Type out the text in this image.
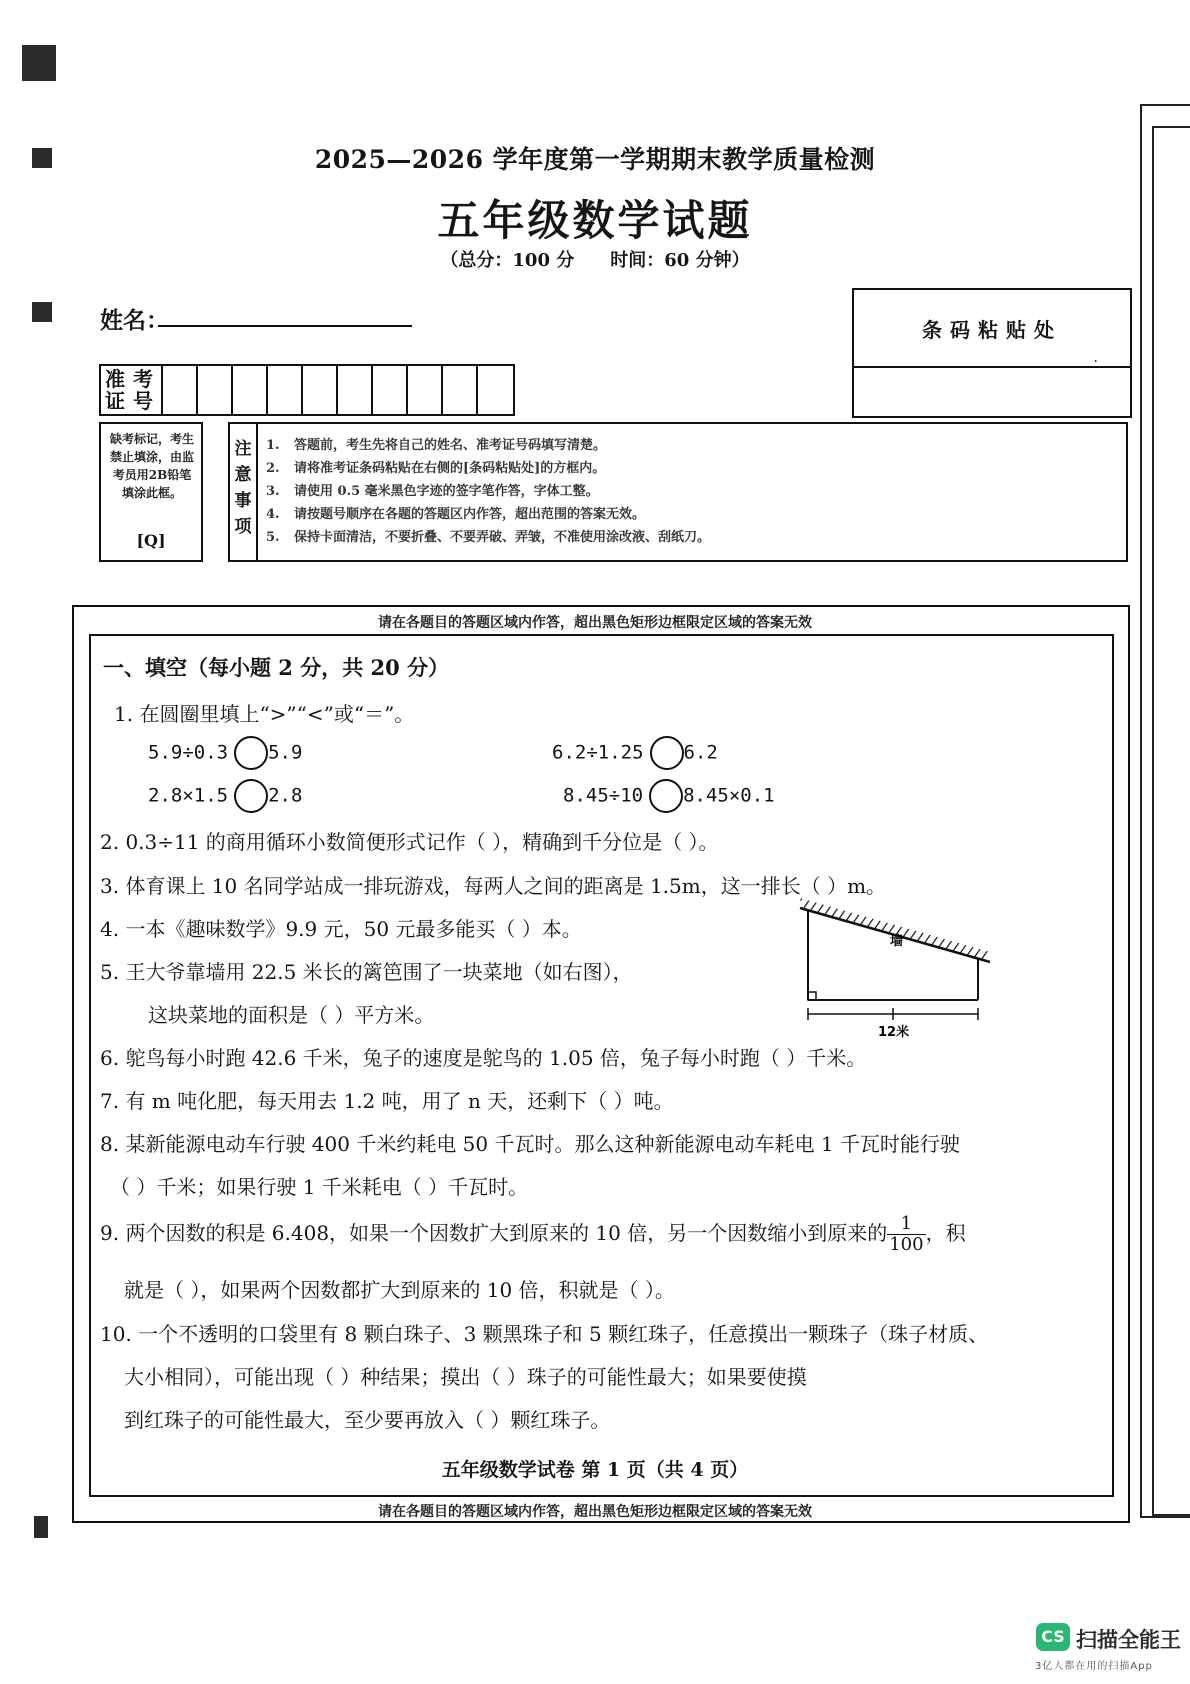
2025—2026 学年度第一学期期末教学质量检测
五年级数学试题
（总分：100 分 时间：60 分钟）
姓名：	条码粘贴处
.
准考证号
缺考标记，考生禁止填涂，由监考员用2B铅笔填涂此框。
[Q]
注意事项
1. 答题前，考生先将自己的姓名、准考证号码填写清楚。
2. 请将准考证条码粘贴在右侧的[条码粘贴处]的方框内。
3. 请使用 0.5 毫米黑色字迹的签字笔作答，字体工整。
4. 请按题号顺序在各题的答题区内作答，超出范围的答案无效。
5. 保持卡面清洁，不要折叠、不要弄破、弄皱，不准使用涂改液、刮纸刀。
请在各题目的答题区域内作答，超出黑色矩形边框限定区域的答案无效
请在各题目的答题区域内作答，超出黑色矩形边框限定区域的答案无效
一、填空（每小题 2 分，共 20 分）
1. 在圆圈里填上“>”“<”或“＝”。
5.9÷0.3 5.9	6.2÷1.25 6.2
2.8×1.5 2.8	8.45÷10 8.45×0.1
2. 0.3÷11 的商用循环小数简便形式记作（ ），精确到千分位是（ ）。
3. 体育课上 10 名同学站成一排玩游戏，每两人之间的距离是 1.5m，这一排长（ ）m。
4. 一本《趣味数学》9.9 元，50 元最多能买（ ）本。
5. 王大爷靠墙用 22.5 米长的篱笆围了一块菜地（如右图），
这块菜地的面积是（ ）平方米。
墙
12米
6. 鸵鸟每小时跑 42.6 千米，兔子的速度是鸵鸟的 1.05 倍，兔子每小时跑（ ）千米。
7. 有 m 吨化肥，每天用去 1.2 吨，用了 n 天，还剩下（ ）吨。
8. 某新能源电动车行驶 400 千米约耗电 50 千瓦时。那么这种新能源电动车耗电 1 千瓦时能行驶
（ ）千米；如果行驶 1 千米耗电（ ）千瓦时。
9. 两个因数的积是 6.408，如果一个因数扩大到原来的 10 倍，另一个因数缩小到原来的 $\frac{1}{100}$ ，积
就是（ ），如果两个因数都扩大到原来的 10 倍，积就是（ ）。
10. 一个不透明的口袋里有 8 颗白珠子、3 颗黑珠子和 5 颗红珠子，任意摸出一颗珠子（珠子材质、
大小相同），可能出现（ ）种结果；摸出（ ）珠子的可能性最大；如果要使摸
到红珠子的可能性最大，至少要再放入（ ）颗红珠子。
五年级数学试卷 第 1 页（共 4 页）
CS 扫描全能王
3亿人都在用的扫描App
